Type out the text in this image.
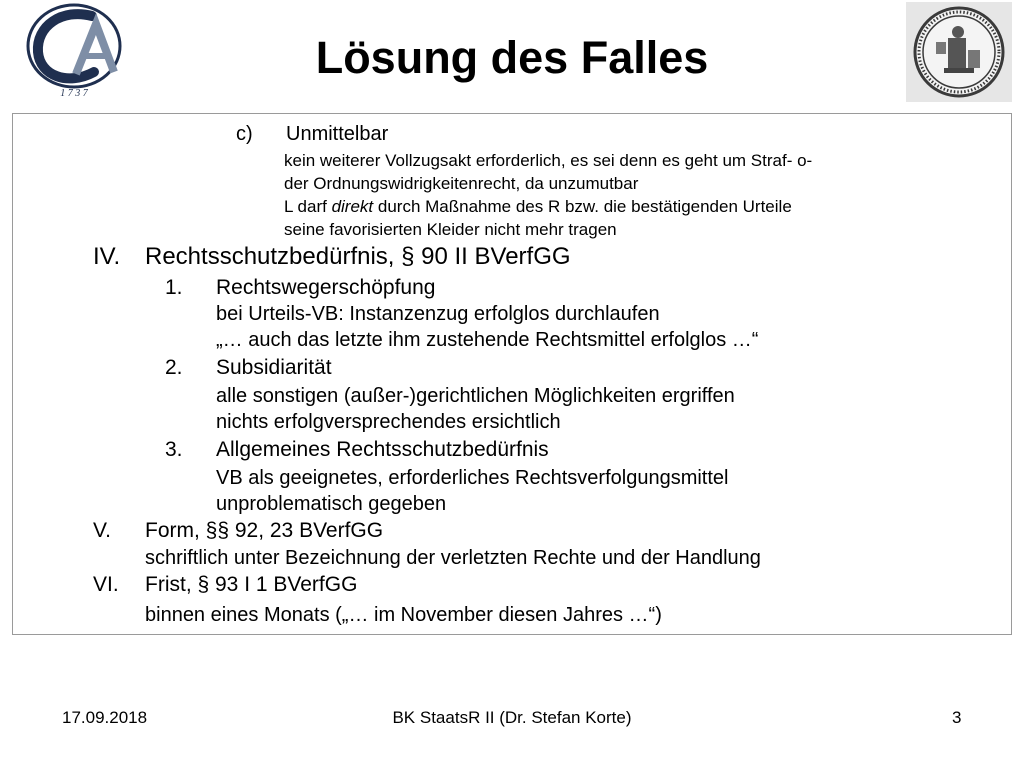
1 7 3 7
Lösung des Falles
c) Unmittelbar
kein weiterer Vollzugsakt erforderlich, es sei denn es geht um Straf- o-
der Ordnungswidrigkeitenrecht, da unzumutbar
L darf direkt durch Maßnahme des R bzw. die bestätigenden Urteile
seine favorisierten Kleider nicht mehr tragen
IV. Rechtsschutzbedürfnis, § 90 II BVerfGG
1. Rechtswegerschöpfung
bei Urteils-VB: Instanzenzug erfolglos durchlaufen
„… auch das letzte ihm zustehende Rechtsmittel erfolglos …“
2. Subsidiarität
alle sonstigen (außer-)gerichtlichen Möglichkeiten ergriffen
nichts erfolgversprechendes ersichtlich
3. Allgemeines Rechtsschutzbedürfnis
VB als geeignetes, erforderliches Rechtsverfolgungsmittel
unproblematisch gegeben
V. Form, §§ 92, 23 BVerfGG
schriftlich unter Bezeichnung der verletzten Rechte und der Handlung
VI. Frist, § 93 I 1 BVerfGG
binnen eines Monats („… im November diesen Jahres …“)
17.09.2018	BK StaatsR II (Dr. Stefan Korte)	3
